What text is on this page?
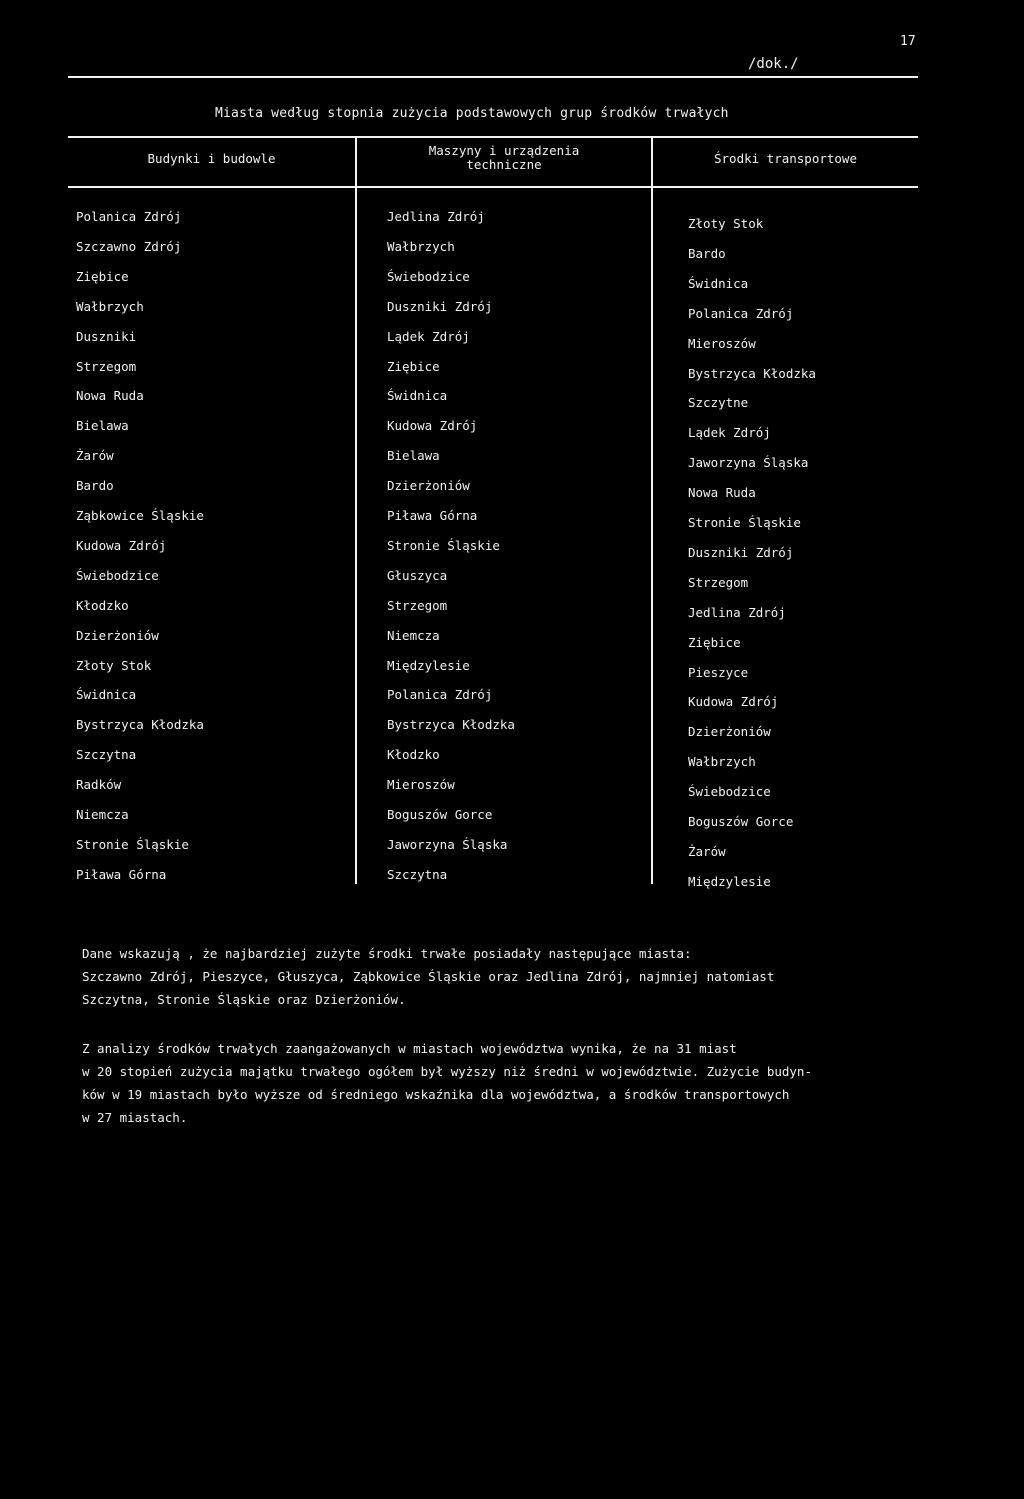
17
/dok./
Miasta według stopnia zużycia podstawowych grup środków trwałych
Budynki i budowle
Maszyny i urządzenia
techniczne	Środki transportowe
Polanica Zdrój
Szczawno Zdrój
Ziębice
Wałbrzych
Duszniki
Strzegom
Nowa Ruda
Bielawa
Żarów
Bardo
Ząbkowice Śląskie
Kudowa Zdrój
Świebodzice
Kłodzko
Dzierżoniów
Złoty Stok
Świdnica
Bystrzyca Kłodzka
Szczytna
Radków
Niemcza
Stronie Śląskie
Piława Górna
Jedlina Zdrój
Wałbrzych
Świebodzice
Duszniki Zdrój
Lądek Zdrój
Ziębice
Świdnica
Kudowa Zdrój
Bielawa
Dzierżoniów
Piława Górna
Stronie Śląskie
Głuszyca
Strzegom
Niemcza
Międzylesie
Polanica Zdrój
Bystrzyca Kłodzka
Kłodzko
Mieroszów
Boguszów Gorce
Jaworzyna Śląska
Szczytna
Złoty Stok
Bardo
Świdnica
Polanica Zdrój
Mieroszów
Bystrzyca Kłodzka
Szczytne
Lądek Zdrój
Jaworzyna Śląska
Nowa Ruda
Stronie Śląskie
Duszniki Zdrój
Strzegom
Jedlina Zdrój
Ziębice
Pieszyce
Kudowa Zdrój
Dzierżoniów
Wałbrzych
Świebodzice
Boguszów Gorce
Żarów
Międzylesie
Dane wskazują , że najbardziej zużyte środki trwałe posiadały następujące miasta:
Szczawno Zdrój, Pieszyce, Głuszyca, Ząbkowice Śląskie oraz Jedlina Zdrój, najmniej natomiast
Szczytna, Stronie Śląskie oraz Dzierżoniów.
Z analizy środków trwałych zaangażowanych w miastach województwa wynika, że na 31 miast
w 20 stopień zużycia majątku trwałego ogółem był wyższy niż średni w województwie. Zużycie budyn-
ków w 19 miastach było wyższe od średniego wskaźnika dla województwa, a środków transportowych
w 27 miastach.
